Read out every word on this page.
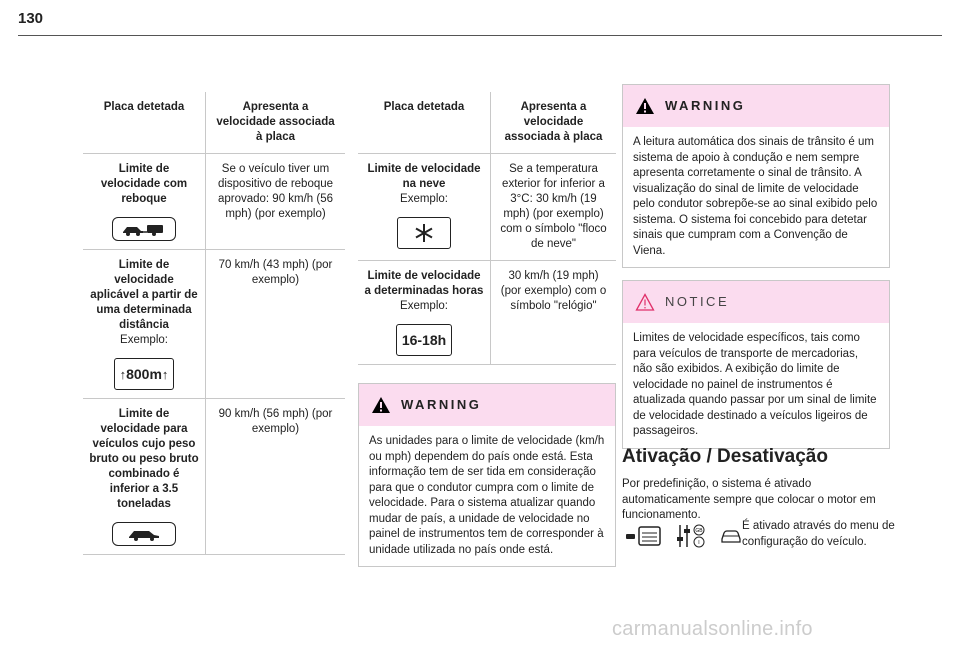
130
Placa detetada	Apresenta a velocidade associada à placa

Limite de velocidade com reboque	Se o veículo tiver um dispositivo de reboque aprovado: 90 km/h (56 mph) (por exemplo)

Limite de velocidade aplicável a partir de uma determinada distância
Exemplo:
↑ 800m ↑	70 km/h (43 mph) (por exemplo)

Limite de velocidade para veículos cujo peso bruto ou peso bruto combinado é inferior a 3.5 toneladas	90 km/h (56 mph) (por exemplo)
Placa detetada	Apresenta a velocidade associada à placa

Limite de velocidade na neve
Exemplo:	Se a temperatura exterior for inferior a 3°C: 30 km/h (19 mph) (por exemplo) com o símbolo "floco de neve"

Limite de velocidade a determinadas horas
Exemplo:
16-18h	30 km/h (19 mph) (por exemplo) com o símbolo "relógio"
WARNING
As unidades para o limite de velocidade (km/h ou mph) dependem do país onde está. Esta informação tem de ser tida em consideração para que o condutor cumpra com o limite de velocidade. Para o sistema atualizar quando mudar de país, a unidade de velocidade no painel de instrumentos tem de corresponder à unidade utilizada no país onde está.
WARNING
A leitura automática dos sinais de trânsito é um sistema de apoio à condução e nem sempre apresenta corretamente o sinal de trânsito. A visualização do sinal de limite de velocidade pelo condutor sobrepõe-se ao sinal exibido pelo sistema. O sistema foi concebido para detetar sinais que cumpram com a Convenção de Viena.
NOTICE
Limites de velocidade específicos, tais como para veículos de transporte de mercadorias, não são exibidos. A exibição do limite de velocidade no painel de instrumentos é atualizada quando passar por um sinal de limite de velocidade destinado a veículos ligeiros de passageiros.
Ativação / Desativação
Por predefinição, o sistema é ativado automaticamente sempre que colocar o motor em funcionamento.
GB
I
É ativado através do menu de configuração do veículo.
carmanualsonline.info
